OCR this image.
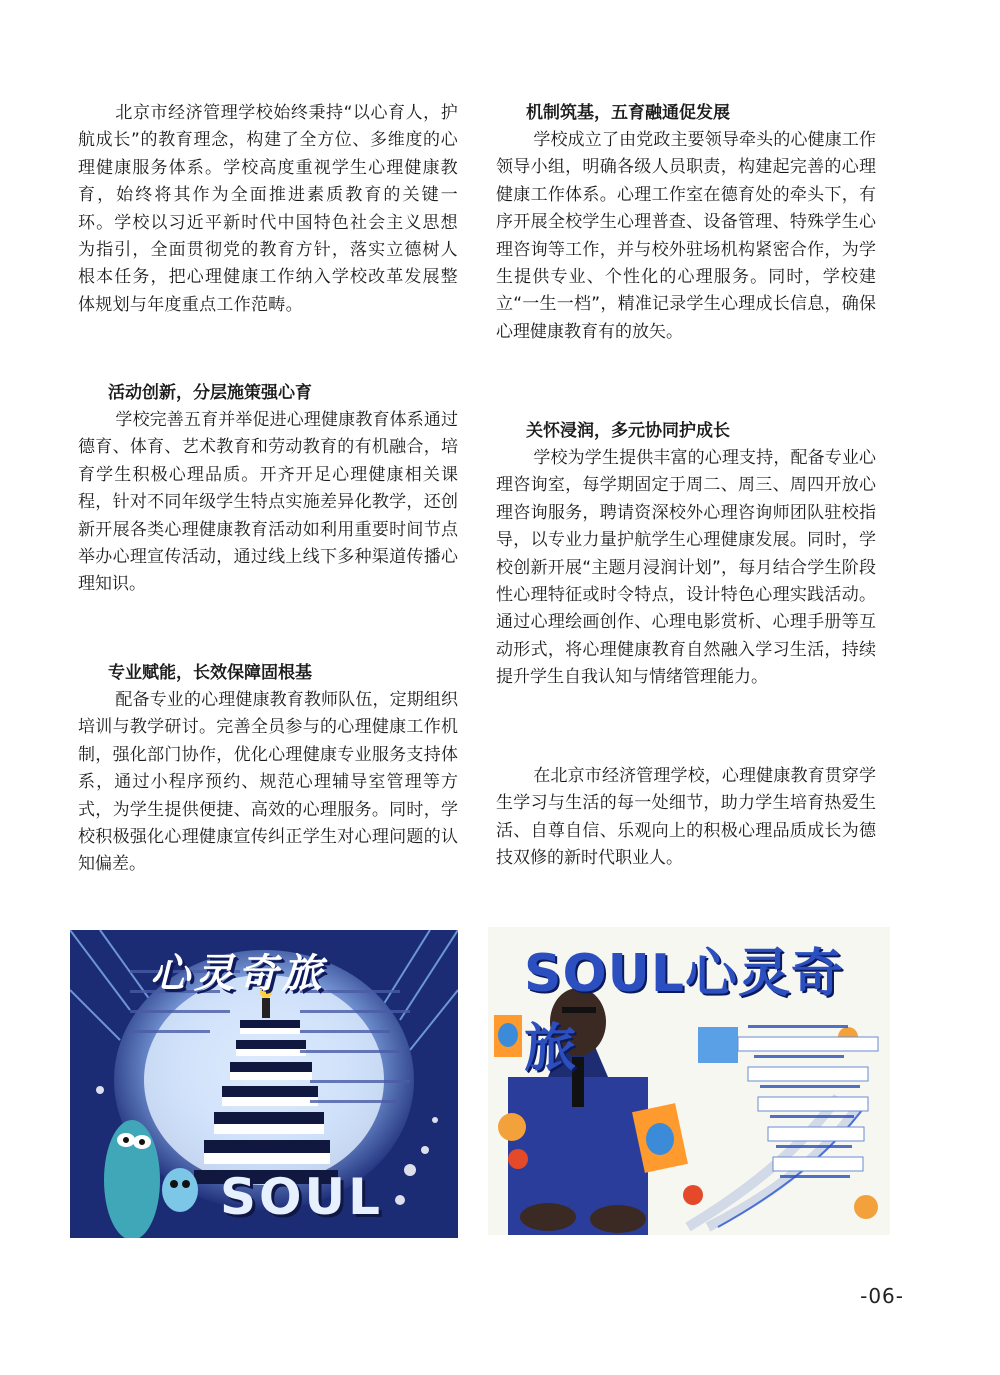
北京市经济管理学校始终秉持“以心育人，护航成长”的教育理念，构建了全方位、多维度的心理健康服务体系。学校高度重视学生心理健康教育，始终将其作为全面推进素质教育的关键一环。学校以习近平新时代中国特色社会主义思想为指引，全面贯彻党的教育方针，落实立德树人根本任务，把心理健康工作纳入学校改革发展整体规划与年度重点工作范畴。

活动创新，分层施策强心育

学校完善五育并举促进心理健康教育体系通过德育、体育、艺术教育和劳动教育的有机融合，培育学生积极心理品质。开齐开足心理健康相关课程，针对不同年级学生特点实施差异化教学，还创新开展各类心理健康教育活动如利用重要时间节点举办心理宣传活动，通过线上线下多种渠道传播心理知识。

专业赋能，长效保障固根基

配备专业的心理健康教育教师队伍，定期组织培训与教学研讨。完善全员参与的心理健康工作机制，强化部门协作，优化心理健康专业服务支持体系，通过小程序预约、规范心理辅导室管理等方式，为学生提供便捷、高效的心理服务。同时，学校积极强化心理健康宣传纠正学生对心理问题的认知偏差。

机制筑基，五育融通促发展

学校成立了由党政主要领导牵头的心健康工作领导小组，明确各级人员职责，构建起完善的心理健康工作体系。心理工作室在德育处的牵头下，有序开展全校学生心理普查、设备管理、特殊学生心理咨询等工作，并与校外驻场机构紧密合作，为学生提供专业、个性化的心理服务。同时，学校建立“一生一档”，精准记录学生心理成长信息，确保心理健康教育有的放矢。

关怀浸润，多元协同护成长

学校为学生提供丰富的心理支持，配备专业心理咨询室，每学期固定于周二、周三、周四开放心理咨询服务，聘请资深校外心理咨询师团队驻校指导，以专业力量护航学生心理健康发展。同时，学校创新开展“主题月浸润计划”，每月结合学生阶段性心理特征或时令特点，设计特色心理实践活动。通过心理绘画创作、心理电影赏析、心理手册等互动形式，将心理健康教育自然融入学习生活，持续提升学生自我认知与情绪管理能力。

在北京市经济管理学校，心理健康教育贯穿学生学习与生活的每一处细节，助力学生培育热爱生活、自尊自信、乐观向上的积极心理品质成长为德技双修的新时代职业人。

心灵奇旅
SOUL
SOUL心灵奇旅
-06-
